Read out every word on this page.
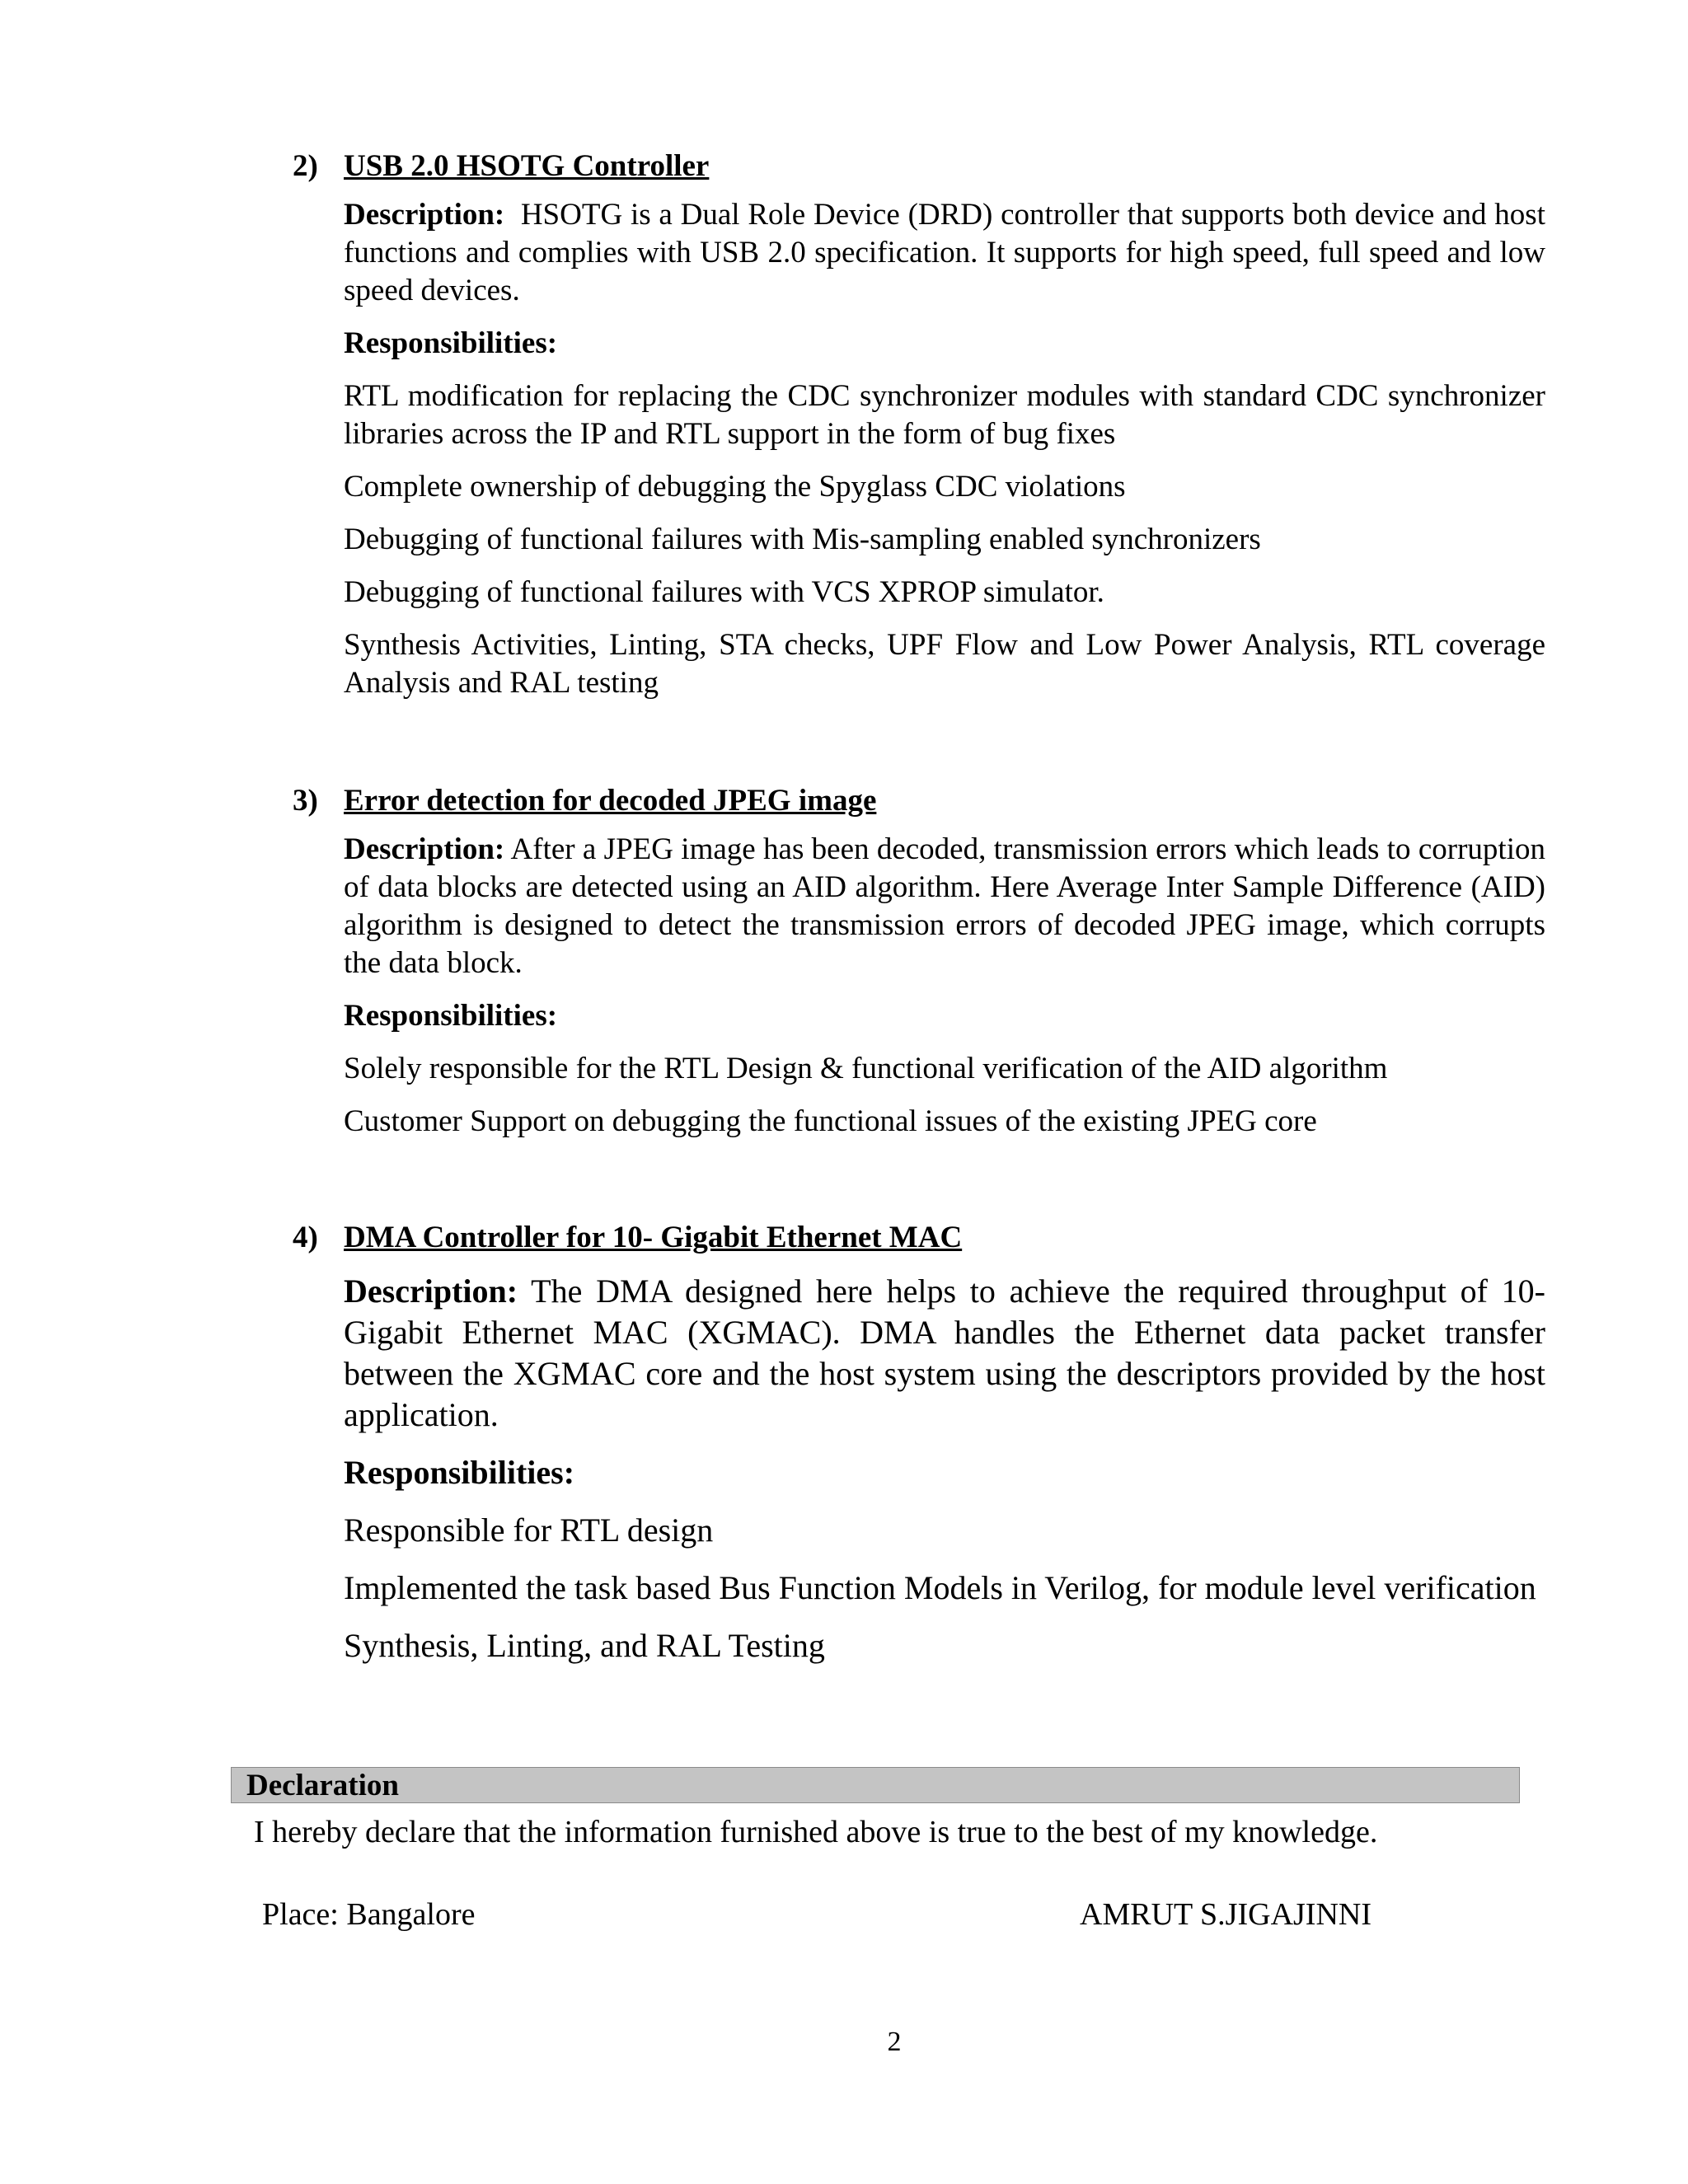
2) USB 2.0 HSOTG Controller

Description: HSOTG is a Dual Role Device (DRD) controller that supports both device and host functions and complies with USB 2.0 specification. It supports for high speed, full speed and low speed devices.

Responsibilities:

RTL modification for replacing the CDC synchronizer modules with standard CDC synchronizer libraries across the IP and RTL support in the form of bug fixes

Complete ownership of debugging the Spyglass CDC violations

Debugging of functional failures with Mis-sampling enabled synchronizers

Debugging of functional failures with VCS XPROP simulator.

Synthesis Activities, Linting, STA checks, UPF Flow and Low Power Analysis, RTL coverage Analysis and RAL testing

3) Error detection for decoded JPEG image

Description: After a JPEG image has been decoded, transmission errors which leads to corruption of data blocks are detected using an AID algorithm. Here Average Inter Sample Difference (AID) algorithm is designed to detect the transmission errors of decoded JPEG image, which corrupts the data block.

Responsibilities:

Solely responsible for the RTL Design & functional verification of the AID algorithm

Customer Support on debugging the functional issues of the existing JPEG core

4) DMA Controller for 10- Gigabit Ethernet MAC

Description: The DMA designed here helps to achieve the required throughput of 10- Gigabit Ethernet MAC (XGMAC). DMA handles the Ethernet data packet transfer between the XGMAC core and the host system using the descriptors provided by the host application.

Responsibilities:

Responsible for RTL design

Implemented the task based Bus Function Models in Verilog, for module level verification

Synthesis, Linting, and RAL Testing

Declaration
I hereby declare that the information furnished above is true to the best of my knowledge.
Place: Bangalore	AMRUT S.JIGAJINNI
2
